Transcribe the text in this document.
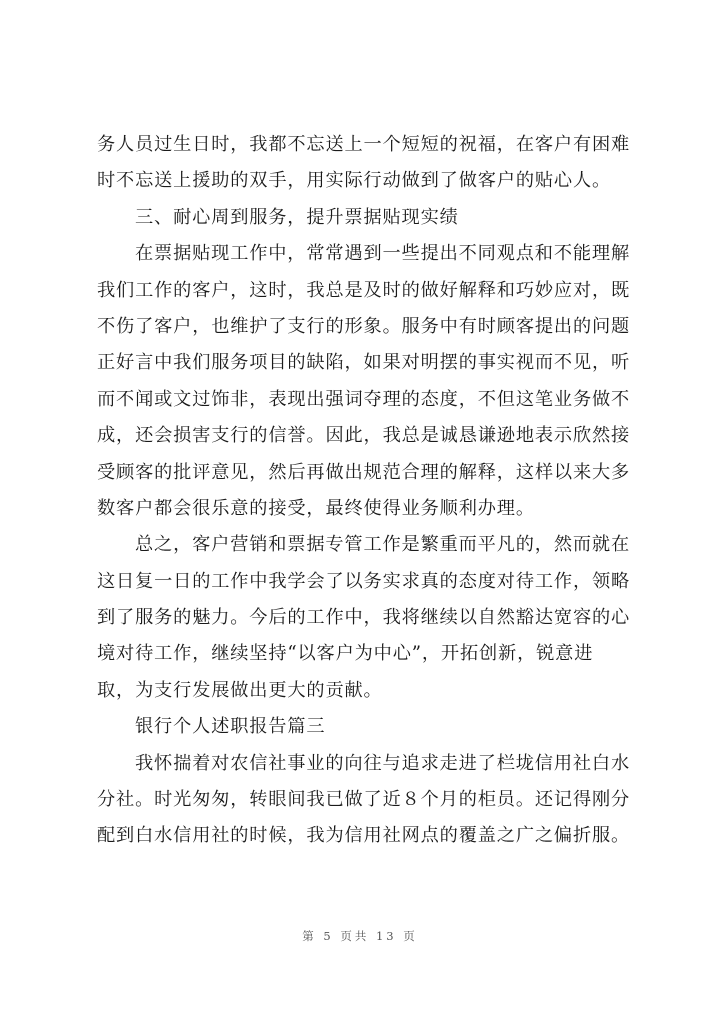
务人员过生日时，我都不忘送上一个短短的祝福，在客户有困难
时不忘送上援助的双手，用实际行动做到了做客户的贴心人。
三、耐心周到服务，提升票据贴现实绩
在票据贴现工作中，常常遇到一些提出不同观点和不能理解
我们工作的客户，这时，我总是及时的做好解释和巧妙应对，既
不伤了客户，也维护了支行的形象。服务中有时顾客提出的问题
正好言中我们服务项目的缺陷，如果对明摆的事实视而不见，听
而不闻或文过饰非，表现出强词夺理的态度，不但这笔业务做不
成，还会损害支行的信誉。因此，我总是诚恳谦逊地表示欣然接
受顾客的批评意见，然后再做出规范合理的解释，这样以来大多
数客户都会很乐意的接受，最终使得业务顺利办理。
总之，客户营销和票据专管工作是繁重而平凡的，然而就在
这日复一日的工作中我学会了以务实求真的态度对待工作，领略
到了服务的魅力。今后的工作中，我将继续以自然豁达宽容的心
境对待工作，继续坚持“以客户为中心”，开拓创新，锐意进
取，为支行发展做出更大的贡献。
银行个人述职报告篇三
我怀揣着对农信社事业的向往与追求走进了栏垅信用社白水
分社。时光匆匆，转眼间我已做了近８个月的柜员。还记得刚分
配到白水信用社的时候，我为信用社网点的覆盖之广之偏折服。
第 5 页共 13 页
